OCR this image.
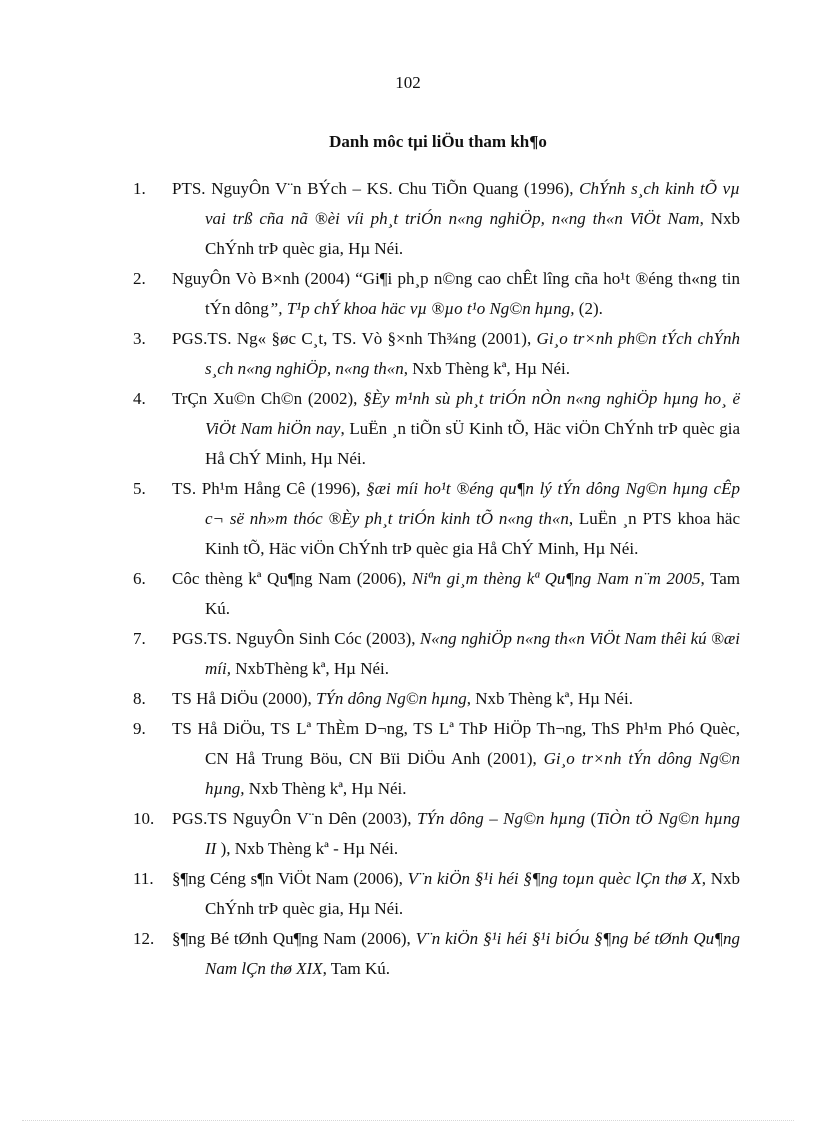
102
Danh môc tµi liÖu tham kh¶o
1.	PTS. NguyÔn V¨n BÝch – KS. Chu TiÕn Quang (1996), ChÝnh s¸ch kinh tÕ vµ vai trß cña nã ®èi víi ph¸t triÓn n«ng nghiÖp, n«ng th«n ViÖt Nam, Nxb ChÝnh trÞ quèc gia, Hµ Néi.
2.	NguyÔn Vò B×nh (2004) “Gi¶i ph¸p n©ng cao chÊt lîng cña ho¹t ®éng th«ng tin tÝn dông”, T¹p chÝ khoa häc vµ ®µo t¹o Ng©n hµng, (2).
3.	PGS.TS. Ng« §øc C¸t, TS. Vò §×nh Th¾ng (2001), Gi¸o tr×nh ph©n tÝch chÝnh s¸ch n«ng nghiÖp, n«ng th«n, Nxb Thèng kª, Hµ Néi.
4.	TrÇn Xu©n Ch©n (2002), §Èy m¹nh sù ph¸t triÓn nÒn n«ng nghiÖp hµng ho¸ ë ViÖt Nam hiÖn nay, LuËn ¸n tiÕn sÜ Kinh tÕ, Häc viÖn ChÝnh trÞ quèc gia Hå ChÝ Minh, Hµ Néi.
5.	TS. Ph¹m Hång Cê (1996), §æi míi ho¹t ®éng qu¶n lý tÝn dông Ng©n hµng cÊp c¬ së nh»m thóc ®Èy ph¸t triÓn kinh tÕ n«ng th«n, LuËn ¸n PTS khoa häc Kinh tÕ, Häc viÖn ChÝnh trÞ quèc gia Hå ChÝ Minh, Hµ Néi.
6.	Côc thèng kª Qu¶ng Nam (2006), Niªn gi¸m thèng kª Qu¶ng Nam n¨m 2005, Tam Kú.
7.	PGS.TS. NguyÔn Sinh Cóc (2003), N«ng nghiÖp n«ng th«n ViÖt Nam thêi kú ®æi míi, NxbThèng kª, Hµ Néi.
8.	TS Hå DiÖu (2000), TÝn dông Ng©n hµng, Nxb Thèng kª, Hµ Néi.
9.	TS Hå DiÖu, TS Lª ThÈm D¬ng, TS Lª ThÞ HiÖp Th¬ng, ThS Ph¹m Phó Quèc, CN Hå Trung Böu, CN Bïi DiÖu Anh (2001), Gi¸o tr×nh tÝn dông Ng©n hµng, Nxb Thèng kª, Hµ Néi.
10.	PGS.TS NguyÔn V¨n Dên (2003), TÝn dông – Ng©n hµng (TiÒn tÖ Ng©n hµng II ), Nxb Thèng kª - Hµ Néi.
11.	§¶ng Céng s¶n ViÖt Nam (2006), V¨n kiÖn §¹i héi §¶ng toµn quèc lÇn thø X, Nxb ChÝnh trÞ quèc gia, Hµ Néi.
12.	§¶ng Bé tØnh Qu¶ng Nam (2006), V¨n kiÖn §¹i héi §¹i biÓu §¶ng bé tØnh Qu¶ng Nam lÇn thø XIX, Tam Kú.
